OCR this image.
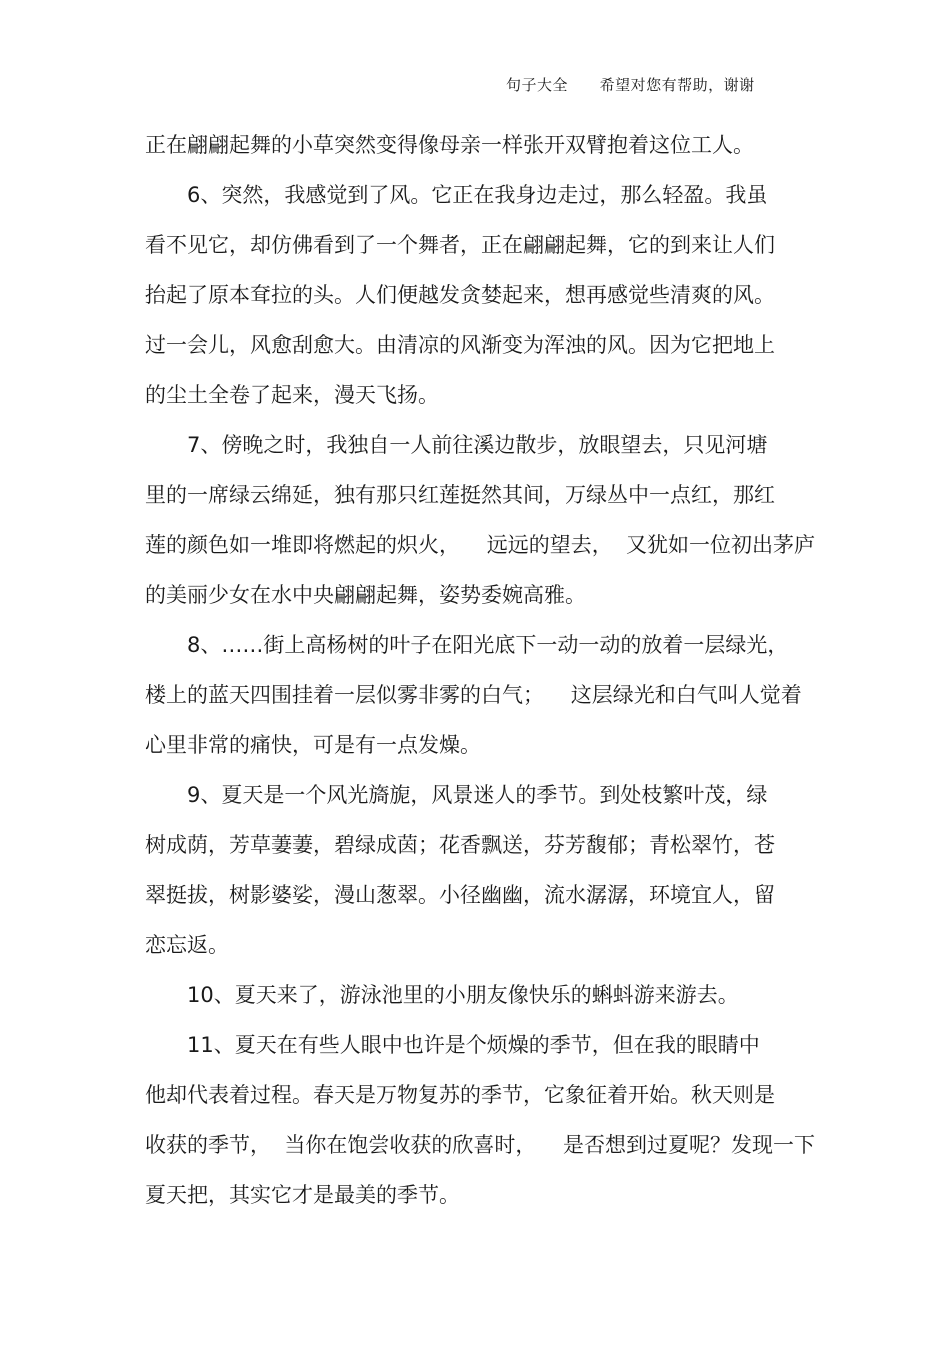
句子大全 希望对您有帮助，谢谢
正在翩翩起舞的小草突然变得像母亲一样张开双臂抱着这位工人。
6、突然，我感觉到了风。它正在我身边走过，那么轻盈。我虽
看不见它，却仿佛看到了一个舞者，正在翩翩起舞，它的到来让人们
抬起了原本耷拉的头。人们便越发贪婪起来，想再感觉些清爽的风。
过一会儿，风愈刮愈大。由清凉的风渐变为浑浊的风。因为它把地上
的尘土全卷了起来，漫天飞扬。
7、傍晚之时，我独自一人前往溪边散步，放眼望去，只见河塘
里的一席绿云绵延，独有那只红莲挺然其间，万绿丛中一点红，那红
莲的颜色如一堆即将燃起的炽火，    远远的望去，  又犹如一位初出茅庐
的美丽少女在水中央翩翩起舞，姿势委婉高雅。
8、……街上高杨树的叶子在阳光底下一动一动的放着一层绿光，
楼上的蓝天四围挂着一层似雾非雾的白气；    这层绿光和白气叫人觉着
心里非常的痛快，可是有一点发燥。
9、夏天是一个风光旖旎，风景迷人的季节。到处枝繁叶茂，绿
树成荫，芳草萋萋，碧绿成茵；花香飘送，芬芳馥郁；青松翠竹，苍
翠挺拔，树影婆娑，漫山葱翠。小径幽幽，流水潺潺，环境宜人，留
恋忘返。
10、夏天来了，游泳池里的小朋友像快乐的蝌蚪游来游去。
11、夏天在有些人眼中也许是个烦燥的季节，但在我的眼睛中
他却代表着过程。春天是万物复苏的季节，它象征着开始。秋天则是
收获的季节，  当你在饱尝收获的欣喜时，    是否想到过夏呢？发现一下
夏天把，其实它才是最美的季节。
